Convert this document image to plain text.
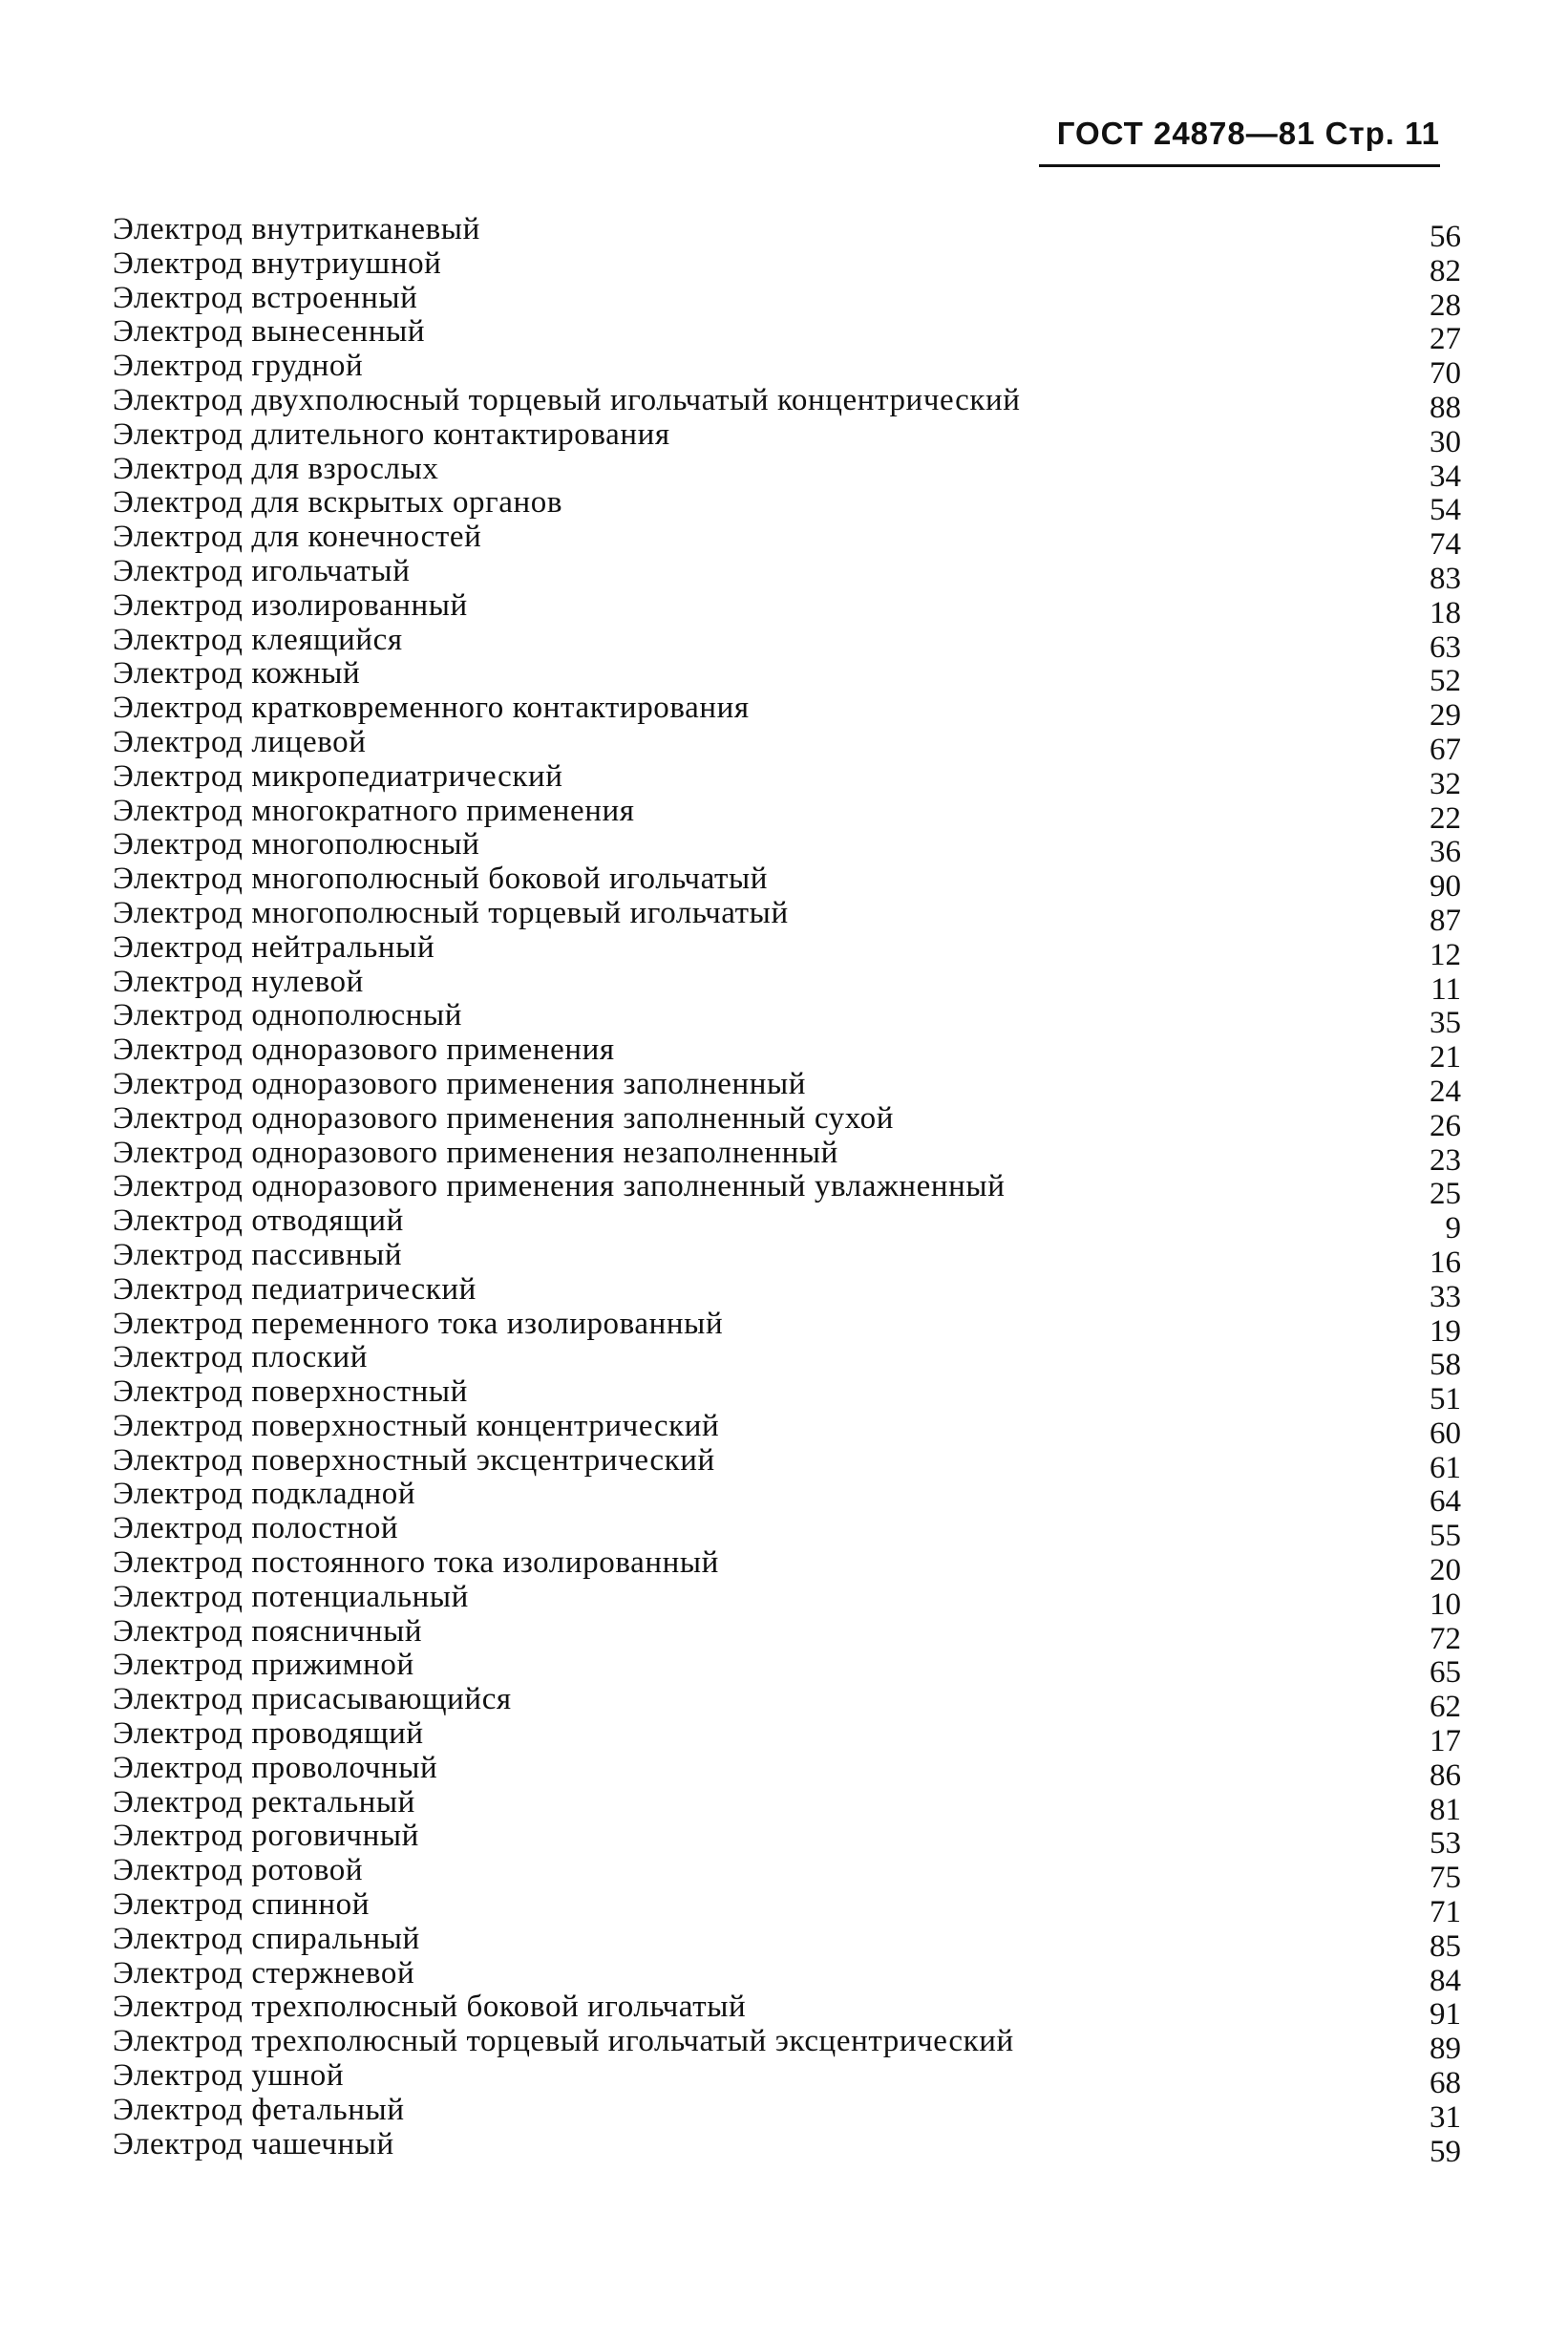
ГОСТ 24878—81 Стр. 11
Электрод внутритканевый	56
Электрод внутриушной	82
Электрод встроенный	28
Электрод вынесенный	27
Электрод грудной	70
Электрод двухполюсный торцевый игольчатый концентрический	88
Электрод длительного контактирования	30
Электрод для взрослых	34
Электрод для вскрытых органов	54
Электрод для конечностей	74
Электрод игольчатый	83
Электрод изолированный	18
Электрод клеящийся	63
Электрод кожный	52
Электрод кратковременного контактирования	29
Электрод лицевой	67
Электрод микропедиатрический	32
Электрод многократного применения	22
Электрод многополюсный	36
Электрод многополюсный боковой игольчатый	90
Электрод многополюсный торцевый игольчатый	87
Электрод нейтральный	12
Электрод нулевой	11
Электрод однополюсный	35
Электрод одноразового применения	21
Электрод одноразового применения заполненный	24
Электрод одноразового применения заполненный сухой	26
Электрод одноразового применения незаполненный	23
Электрод одноразового применения заполненный увлажненный	25
Электрод отводящий	9
Электрод пассивный	16
Электрод педиатрический	33
Электрод переменного тока изолированный	19
Электрод плоский	58
Электрод поверхностный	51
Электрод поверхностный концентрический	60
Электрод поверхностный эксцентрический	61
Электрод подкладной	64
Электрод полостной	55
Электрод постоянного тока изолированный	20
Электрод потенциальный	10
Электрод поясничный	72
Электрод прижимной	65
Электрод присасывающийся	62
Электрод проводящий	17
Электрод проволочный	86
Электрод ректальный	81
Электрод роговичный	53
Электрод ротовой	75
Электрод спинной	71
Электрод спиральный	85
Электрод стержневой	84
Электрод трехполюсный боковой игольчатый	91
Электрод трехполюсный торцевый игольчатый эксцентрический	89
Электрод ушной	68
Электрод фетальный	31
Электрод чашечный	59
